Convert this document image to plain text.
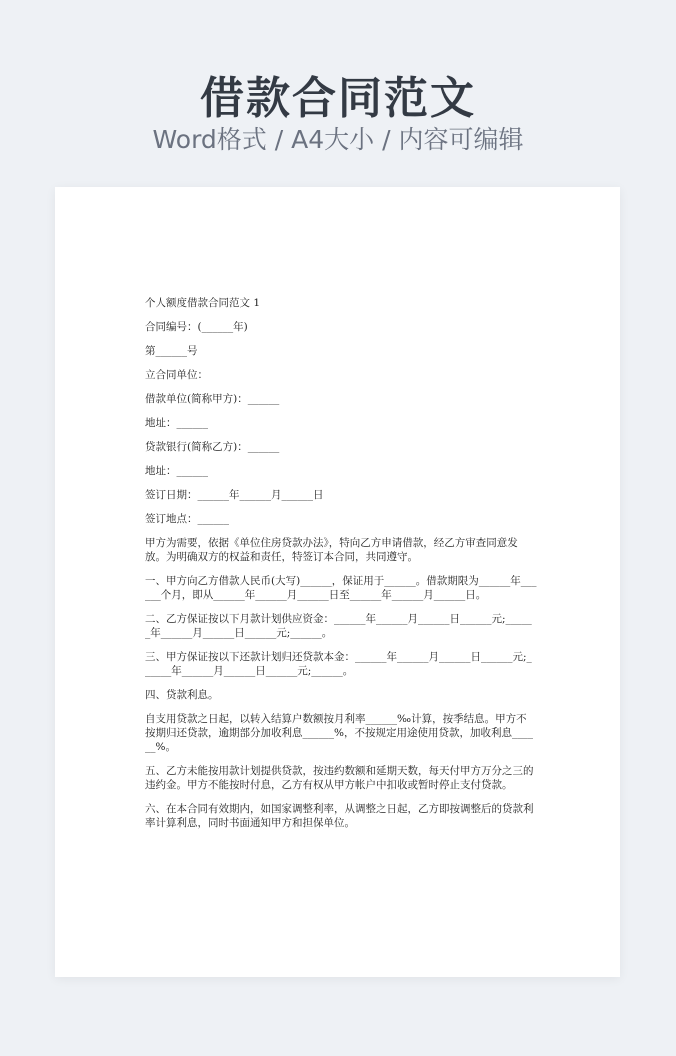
借款合同范文
Word格式 / A4大小 / 内容可编辑
个人额度借款合同范文 1
合同编号：(______年)
第______号
立合同单位：
借款单位(简称甲方)：______
地址：______
贷款银行(简称乙方)：______
地址：______
签订日期：______年______月______日
签订地点：______
甲方为需要，依据《单位住房贷款办法》，特向乙方申请借款，经乙方审查同意发放。为明确双方的权益和责任，特签订本合同，共同遵守。
一、甲方向乙方借款人民币(大写)______，保证用于______。借款期限为______年______个月，即从______年______月______日至______年______月______日。
二、乙方保证按以下月款计划供应资金：______年______月______日______元;______年______月______日______元;______。
三、甲方保证按以下还款计划归还贷款本金：______年______月______日______元;______年______月______日______元;______。
四、贷款利息。
自支用贷款之日起，以转入结算户数额按月利率______‰计算，按季结息。甲方不按期归还贷款，逾期部分加收利息______%，不按规定用途使用贷款，加收利息______%。
五、乙方未能按用款计划提供贷款，按违约数额和延期天数，每天付甲方万分之三的违约金。甲方不能按时付息，乙方有权从甲方帐户中扣收或暂时停止支付贷款。
六、在本合同有效期内，如国家调整利率，从调整之日起，乙方即按调整后的贷款利率计算利息，同时书面通知甲方和担保单位。
